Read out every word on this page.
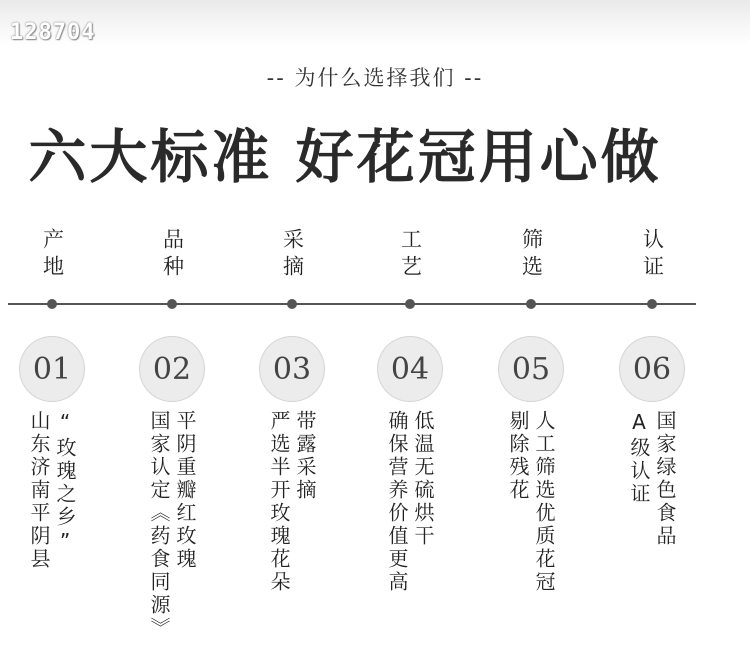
128704
-- 为什么选择我们 --
六大标准 好花冠用心做
产地
01
“玫瑰之乡”
山东济南平阴县
品种
02
平阴重瓣红玫瑰
国家认定《药食同源》
采摘
03
带露采摘
严选半开玫瑰花朵
工艺
04
低温无硫烘干
确保营养价值更高
筛选
05
人工筛选优质花冠
剔除残花
认证
06
国家绿色食品
A级认证
